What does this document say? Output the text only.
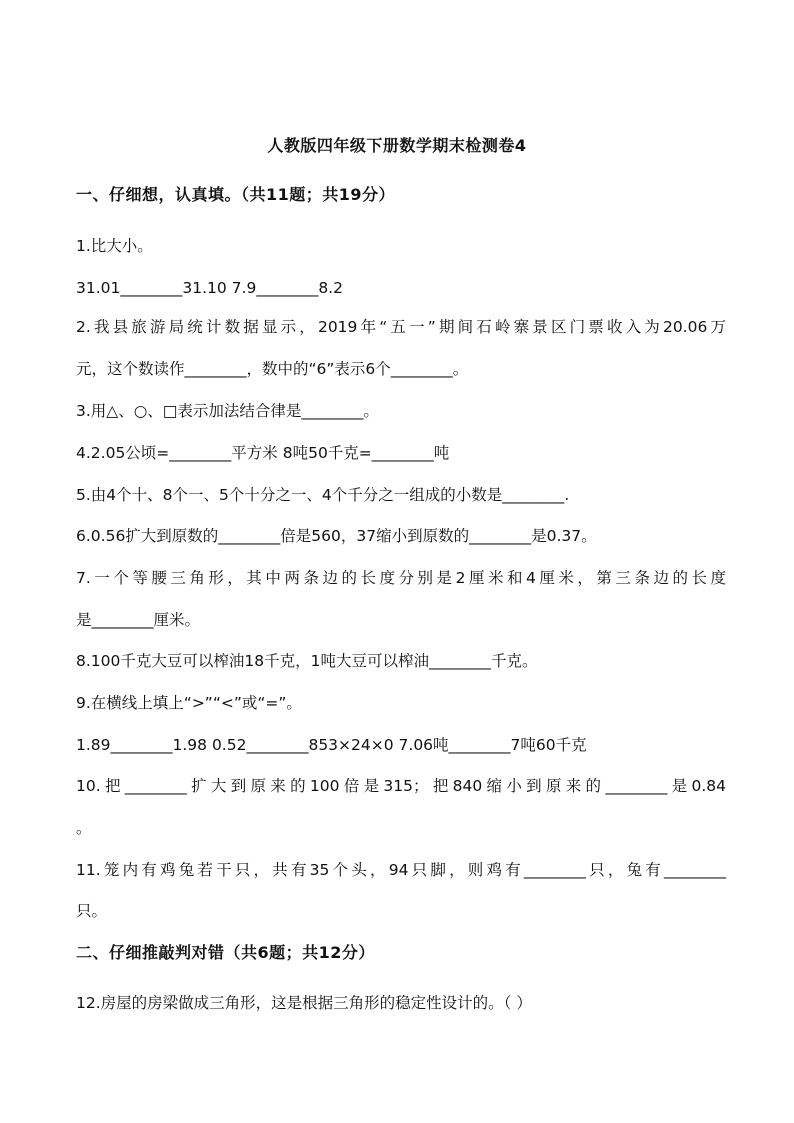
人教版四年级下册数学期末检测卷4
一、仔细想，认真填。（共11题；共19分）
1.比大小。
31.01________31.10 7.9________8.2
2.我县旅游局统计数据显示，2019年“五一”期间石岭寨景区门票收入为20.06万
元，这个数读作________，数中的“6”表示6个________。
3.用△、○、□表示加法结合律是________。
4.2.05公顷=________平方米 8吨50千克=________吨
5.由4个十、8个一、5个十分之一、4个千分之一组成的小数是________.
6.0.56扩大到原数的________倍是560，37缩小到原数的________是0.37。
7.一个等腰三角形，其中两条边的长度分别是2厘米和4厘米，第三条边的长度
是________厘米。
8.100千克大豆可以榨油18千克，1吨大豆可以榨油________千克。
9.在横线上填上“>”“<”或“=”。
1.89________1.98 0.52________853×24×0 7.06吨________7吨60千克
10.把________扩大到原来的100倍是315；把840缩小到原来的________是0.84
。
11.笼内有鸡兔若干只，共有35个头，94只脚，则鸡有________只，兔有________
只。
二、仔细推敲判对错（共6题；共12分）
12.房屋的房梁做成三角形，这是根据三角形的稳定性设计的。（ ）
